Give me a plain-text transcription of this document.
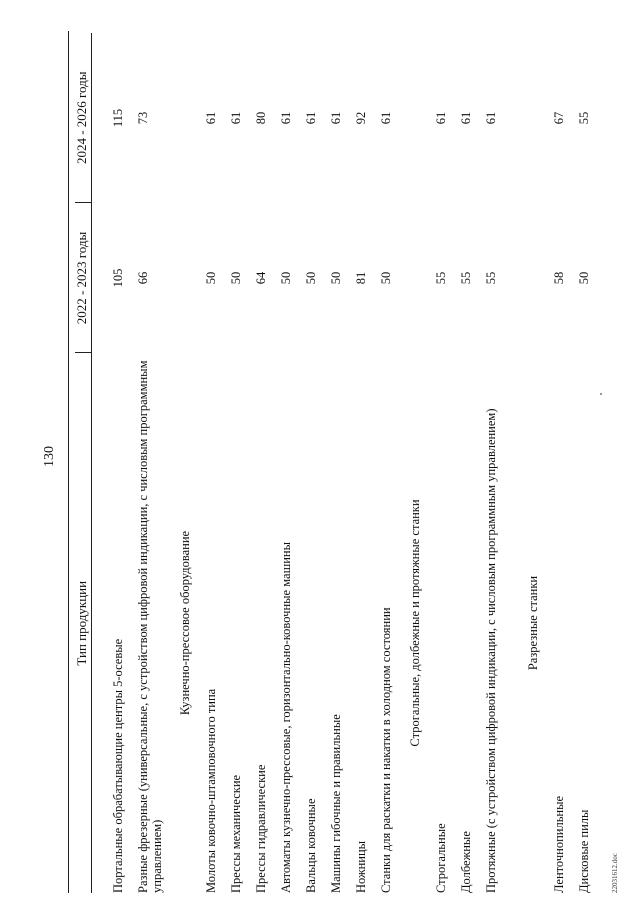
130
Тип продукции	2022 - 2023 годы	2024 - 2026 годы

Портальные обрабатывающие центры 5-осевые	105	115
Разные фрезерные (универсальные, с устройством цифровой индикации, с числовым программным управлением)	66	73
Кузнечно-прессовое оборудование		
Молоты ковочно-штамповочного типа	50	61
Прессы механические	50	61
Прессы гидравлические	64	80
Автоматы кузнечно-прессовые, горизонтально-ковочные машины	50	61
Вальцы ковочные	50	61
Машины гибочные и правильные	50	61
Ножницы	81	92
Станки для раскатки и накатки в холодном состоянии	50	61
Строгальные, долбежные и протяжные станки		
Строгальные	55	61
Долбежные	55	61
Протяжные (с устройством цифровой индикации, с числовым программным управлением)	55	61
Разрезные станки		
Ленточнопильные	58	67
Дисковые пилы	50	55
22031612.doc
